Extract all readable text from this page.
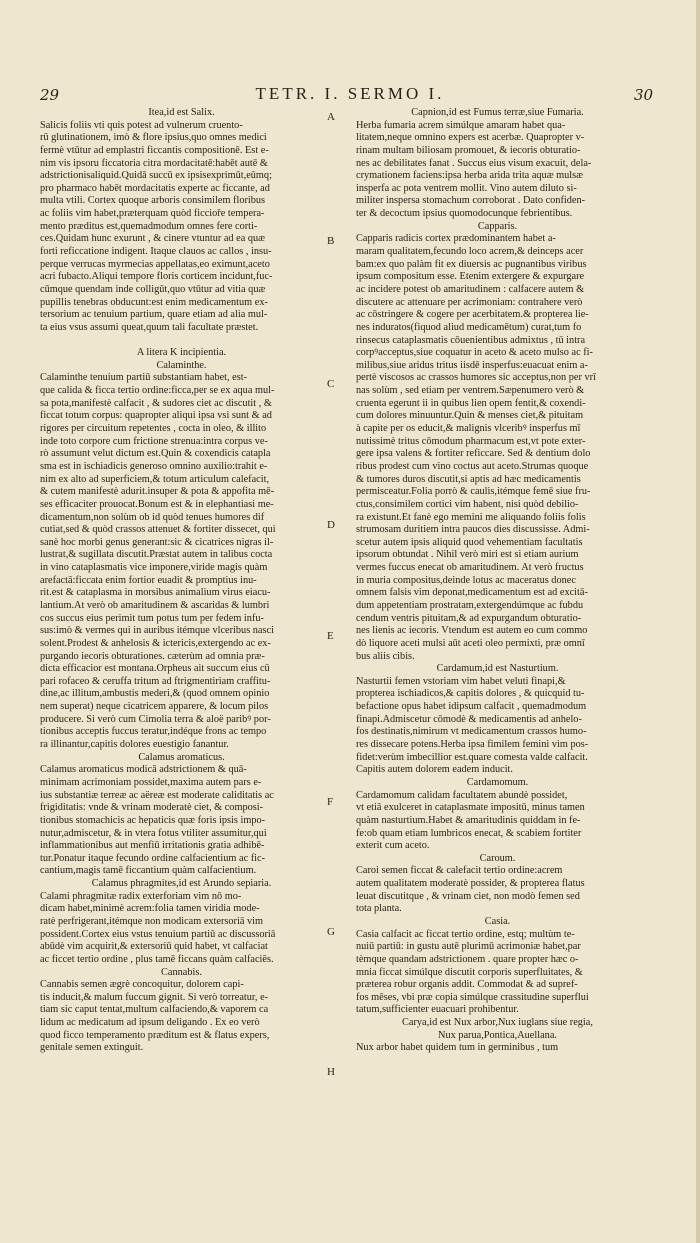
29	TETR. I. SERMO I.	30
Itea,id est Salix.
Salicis foliis vti quis potest ad vulnerum cruento-
rū glutinationem, imò & flore ipsius,quo omnes medici
fermè vtūtur ad emplastri ficcantis compositionē. Est e-
nim vis ipsoru ficcatoria citra mordacitatē:habēt autē &
adstrictionisaliquid.Quidā succū ex ipsisexprimūt,eūmq;
pro pharmaco habēt mordacitatis experte ac ficcante, ad
multa vtili. Cortex quoque arboris consimilem floribus
ac foliis vim habet,præterquam quòd ficcioře tempera-
mento præditus est,quemadmodum omnes fere corti-
ces.Quidam hunc exurunt , & cinere vtuntur ad ea quæ
forti reficcatione indigent. Itaque clauos ac callos , insu-
perque verrucas myrmecias appellatas,eo eximunt,aceto
acri fubacto.Aliqui tempore floris corticem incidunt,fuc-
cūmque quendam inde colligūt,quo vtūtur ad vitia quæ
pupillis tenebras obducunt:est enim medicamentum ex-
tersorium ac tenuium partium, quare etiam ad alia mul-
ta eius vsus assumi queat,quum tali facultate præstet.
A litera K incipientia.
Calaminthe.
Calaminthe tenuium partiū substantiam habet, est-
que calida & ficca tertio ordine:ficca,per se ex aqua mul-
sa pota,manifestè calfacit , & sudores ciet ac discutit , &
ficcat totum corpus: quapropter aliqui ipsa vsi sunt & ad
rigores per circuitum repetentes , cocta in oleo, & illito
inde toto corpore cum frictione strenua:intra corpus ve-
rò assumunt velut dictum est.Quin & coxendicis catapla
sma est in ischiadicis generoso omnino auxilio:trahit e-
nim ex alto ad superficiem,& totum articulum calefacit,
& cutem manifestè adurit.insuper & pota & appofita mē-
ses efficaciter prouocat.Bonum est & in elephantiasi me-
dicamentum,non solùm ob id quòd tenues humores dif
cutiat,sed & quòd crassos attenuet & fortiter dissecet, qui
sanè hoc morbi genus generant:sic & cicatrices nigras il-
lustrat,& sugillata discutit.Præstat autem in talibus cocta
in vino cataplasmatis vice imponere,viride magis quàm
arefactā:ficcata enim fortior euadit & promptius inu-
rit.est & cataplasma in morsibus animalium virus eiacu-
lantium.At verò ob amaritudinem & ascaridas & lumbri
cos succus eius perimit tum potus tum per fedem infu-
sus:imò & vermes qui in auribus itémque vlceribus nasci
solent.Prodest & anhelosis & ictericis,extergendo ac ex-
purgando iecoris obturationes. cæterùm ad omnia præ-
dicta efficacior est montana.Orpheus ait succum eius cū
pari rofaceo & ceruffa tritum ad ftrigmentiriam craffitu-
dine,ac illitum,ambustis mederi,& (quod omnem opinio
nem superat) neque cicatricem apparere, & locum pilos
producere. Si verò cum Cimolia terra & aloë paribꝰ por-
tionibus acceptis fuccus teratur,indéque frons ac tempo
ra illinantur,capitis dolores euestigio fanantur.
Calamus aromaticus.
Calamus aromaticus modicā adstrictionem & quā-
minimam acrimoniam possidet,maxima autem pars e-
ius substantiæ terreæ ac aëreæ est moderate caliditatis ac
frigiditatis: vnde & vrinam moderatè ciet, & composi-
tionibus stomachicis ac hepaticis quæ foris ipsis impo-
nutur,admiscetur, & in vtera fotus vtiliter assumitur,qui
inflammationibus aut menfiū irritationis gratia adhibē-
tur.Ponatur itaque fecundo ordine calfacientium ac fic-
cantium,magis tamē ficcantium quàm calfacientium.
Calamus phragmites,id est Arundo sepiaria.
Calami phragmitæ radix exterforiam vim nō mo-
dicam habet,minimè acrem:folia tamen viridia mode-
ratè perfrigerant,itémque non modicam extersoriā vim
possident.Cortex eius vstus tenuium partiū ac discussoriā
abūdè vim acquirit,& extersoriū quid habet, vt calfaciat
ac ficcet tertio ordine , plus tamē ficcans quàm calfaciēs.
Cannabis.
Cannabis semen ægrè concoquitur, dolorem capi-
tis inducit,& malum fuccum gignit. Si verò torreatur, e-
tiam sic caput tentat,multum calfaciendo,& vaporem ca
lidum ac medicatum ad ipsum deligando . Ex eo verò
quod ficco temperamento præditum est & flatus expers,
genitale semen extinguit.
Capnion,id est Fumus terræ,siue Fumaria.
Herba fumaria acrem simúlque amaram habet qua-
litatem,neque omnino expers est acerbæ. Quapropter v-
rinam multam biliosam promouet, & iecoris obturatio-
nes ac debilitates fanat . Succus eius visum exacuit, dela-
crymationem faciens:ipsa herba arida trita aquæ mulsæ
insperfa ac pota ventrem mollit. Vino autem diluto si-
militer inspersa stomachum corroborat . Dato confiden-
ter & decoctum ipsius quomodocunque febrientibus.
Capparis.
Capparis radicis cortex prædominantem habet a-
maram qualitatem,fecundo loco acrem,& deinceps acer
bam:ex quo palàm fit ex diuersis ac pugnantibus viribus
ipsum compositum esse. Etenim extergere & expurgare
ac incidere potest ob amaritudinem : calfacere autem &
discutere ac attenuare per acrimoniam: contrahere verò
ac cōstringere & cogere per acerbitatem.& propterea lie-
nes induratos(fiquod aliud medicamētum) curat,tum fo
rinsecus cataplasmatis cōuenientibus admixtus , tū intra
corpꝰacceptus,siue coquatur in aceto & aceto mulso ac fi-
milibus,siue aridus tritus iisdē insperfus:euacuat enim a-
pertè viscosos ac crassos humores sic acceptus,non per vrī
nas solùm , sed etiam per ventrem.Sæpenumero verò &
cruenta egerunt ii in quibus lien opem fentit,& coxendi-
cum dolores minuuntur.Quin & menses ciet,& pituitam
à capite per os educit,& malignis vlceribꝰ insperfus mī
nutissimè tritus cōmodum pharmacum est,vt pote exter-
gere ipsa valens & fortiter reficcare. Sed & dentium dolo
ribus prodest cum vino coctus aut aceto.Strumas quoque
& tumores duros discutit,si aptis ad hæc medicamentis
permisceatur.Folia porrò & caulis,itémque femē siue fru-
ctus,consimilem cortici vim habent, nisi quòd debilio-
ra existunt.Et fanè ego memini me aliquando foliis folis
strumosam duritiem intra paucos dies discussisse. Admi-
scetur autem ipsis aliquid quod vehementiam facultatis
ipsorum obtundat . Nihil verò miri est si etiam aurium
vermes fuccus enecat ob amaritudinem. At verò fructus
in muria compositus,deinde lotus ac maceratus donec
omnem falsis vim deponat,medicamentum est ad excitā-
dum appetentiam prostratam,extergendúmque ac fubdu
cendum ventris pituitam,& ad expurgandum obturatio-
nes lienis ac iecoris. Vtendum est autem eo cum commo
dò liquore aceti mulsi aūt aceti oleo permixti, præ omnī
bus aliis cibis.
Cardamum,id est Nasturtium.
Nasturtii femen vstoriam vim habet veluti finapi,&
propterea ischiadicos,& capitis dolores , & quicquid tu-
befactione opus habet idipsum calfacit , quemadmodum
finapi.Admiscetur cōmodè & medicamentis ad anhelo-
fos destinatis,nimirum vt medicamentum crassos humo-
res dissecare potens.Herba ipsa fimilem femini vim pos-
fidet:verùm imbecillior est.quare comesta valde calfacit.
Capitis autem dolorem eadem inducit.
Cardamomum.
Cardamomum calidam facultatem abundè possidet,
vt etiā exulceret in cataplasmate impositū, minus tamen
quàm nasturtium.Habet & amaritudinis quiddam in fe-
fe:ob quam etiam lumbricos enecat, & scabiem fortiter
exterit cum aceto.
Caroum.
Caroi semen ficcat & calefacit tertio ordine:acrem
autem qualitatem moderatè possider, & propterea flatus
leuat discutitque , & vrinam ciet, non modò femen sed
tota planta.
Casia.
Casia calfacit ac ficcat tertio ordine, estq; multùm te-
nuiū partiū: in gustu autē plurimū acrimoniæ habet,par
tèmque quandam adstrictionem . quare propter hæc o-
mnia ficcat simúlque discutit corporis superfluitates, &
præterea robur organis addit. Commodat & ad supref-
fos mēses, vbi præ copia simúlque crassitudine superflui
tatum,sufficienter euacuari prohibentur.
Carya,id est Nux arbor,Nux iuglans siue regia,
Nux parua,Pontica,Auellana.
Nux arbor habet quidem tum in germinibus , tum
A
B
C
D
E
F
G
H
